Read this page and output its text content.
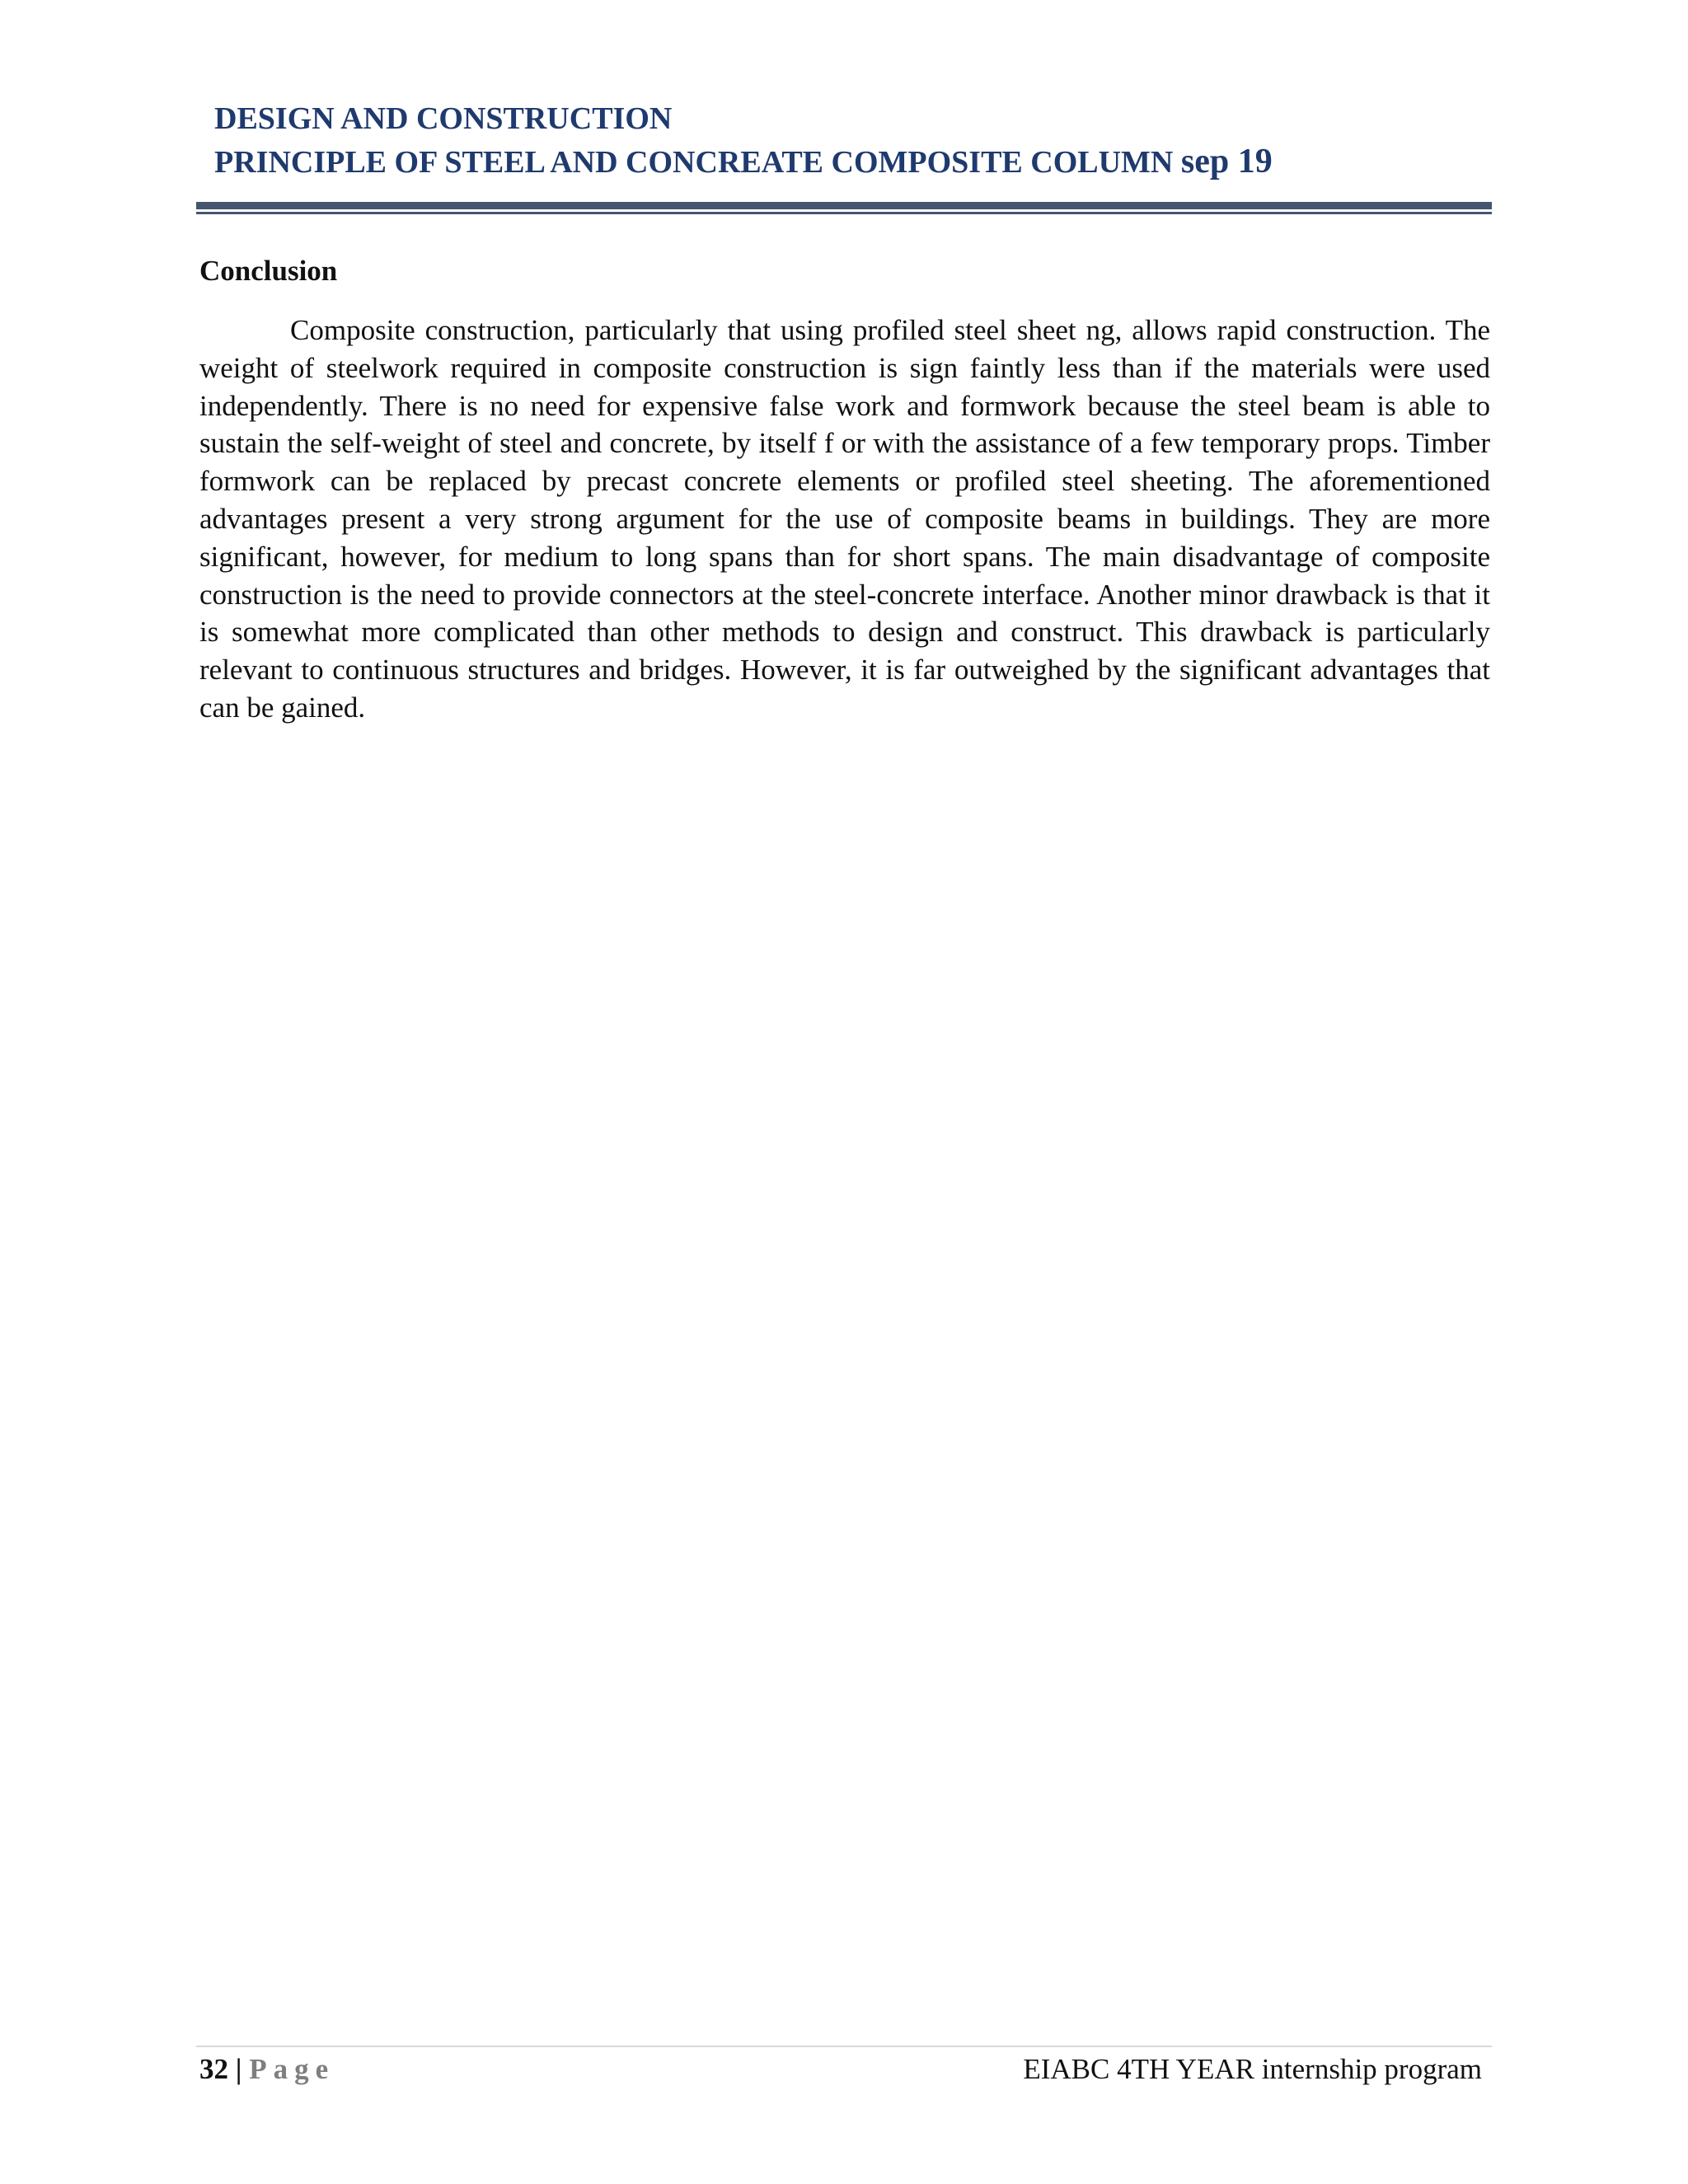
DESIGN AND CONSTRUCTION
PRINCIPLE OF STEEL AND CONCREATE COMPOSITE COLUMN sep 19
Conclusion

Composite construction, particularly that using profiled steel sheet ng, allows rapid construction. The weight of steelwork required in composite construction is sign faintly less than if the materials were used independently. There is no need for expensive false work and formwork because the steel beam is able to sustain the self-weight of steel and concrete, by itself f or with the assistance of a few temporary props. Timber formwork can be replaced by precast concrete elements or profiled steel sheeting. The aforementioned advantages present a very strong argument for the use of composite beams in buildings. They are more significant, however, for medium to long spans than for short spans. The main disadvantage of composite construction is the need to provide connectors at the steel-concrete interface. Another minor drawback is that it is somewhat more complicated than other methods to design and construct. This drawback is particularly relevant to continuous structures and bridges. However, it is far outweighed by the significant advantages that can be gained.

32 | Page	EIABC 4TH YEAR internship program
